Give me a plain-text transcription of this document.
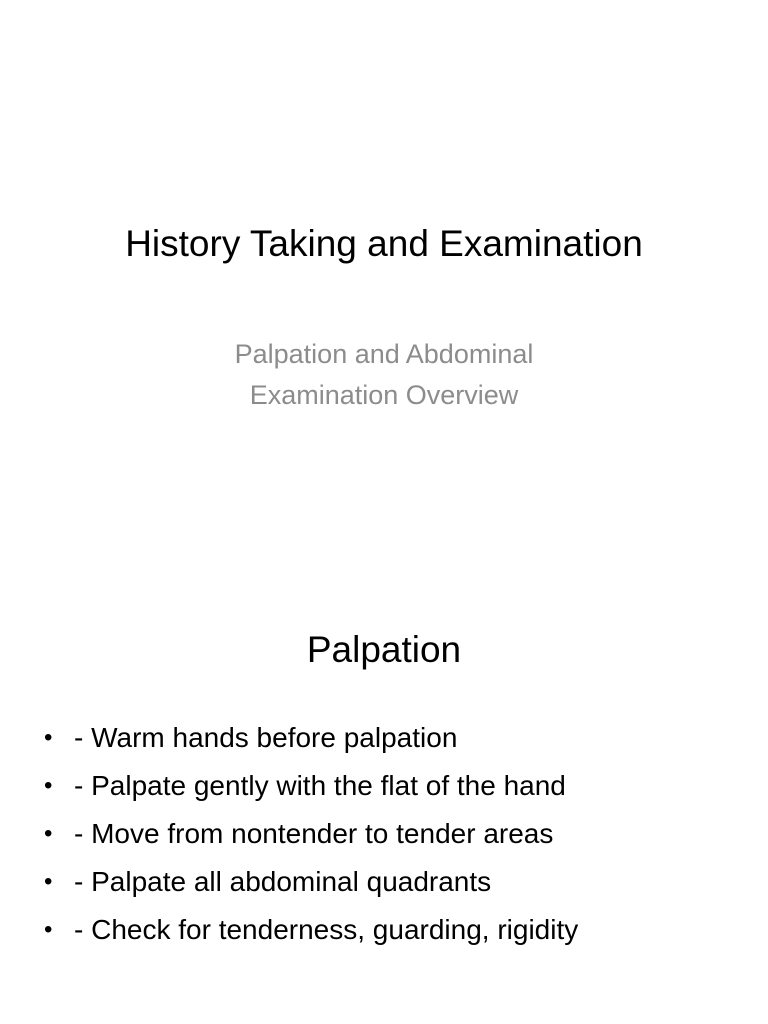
History Taking and Examination
Palpation and Abdominal
Examination Overview
Palpation
• - Warm hands before palpation
• - Palpate gently with the flat of the hand
• - Move from nontender to tender areas
• - Palpate all abdominal quadrants
• - Check for tenderness, guarding, rigidity
